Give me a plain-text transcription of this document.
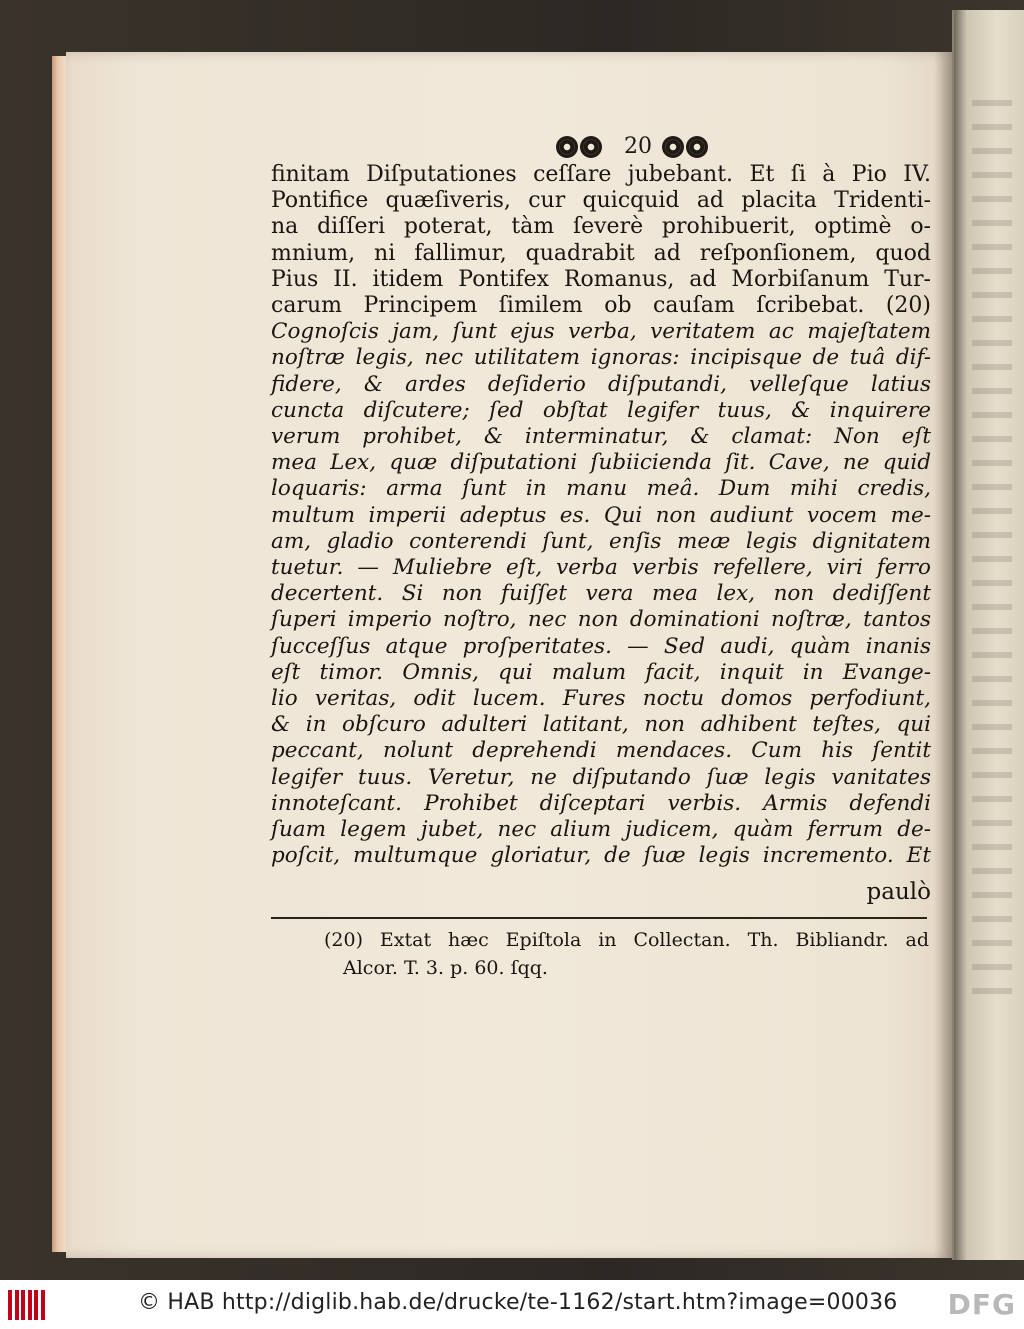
20
finitam Diſputationes ceſſare jubebant. Et ſi à Pio IV.
Pontifice quæſiveris, cur quicquid ad placita Tridenti-
na diſſeri poterat, tàm ſeverè prohibuerit, optimè o-
mnium, ni fallimur, quadrabit ad reſponſionem, quod
Pius II. itidem Pontifex Romanus, ad Morbiſanum Tur-
carum Principem ſimilem ob cauſam ſcribebat. (20)
Cognoſcis jam, ſunt ejus verba, veritatem ac majeſtatem
noſtræ legis, nec utilitatem ignoras: incipisque de tuâ dif-
fidere, & ardes deſiderio diſputandi, velleſque latius
cuncta diſcutere; ſed obſtat legifer tuus, & inquirere
verum prohibet, & interminatur, & clamat: Non eſt
mea Lex, quæ diſputationi ſubiicienda ſit. Cave, ne quid
loquaris: arma ſunt in manu meâ. Dum mihi credis,
multum imperii adeptus es. Qui non audiunt vocem me-
am, gladio conterendi ſunt, enſis meæ legis dignitatem
tuetur. — Muliebre eſt, verba verbis refellere, viri ferro
decertent. Si non fuiſſet vera mea lex, non dediſſent
ſuperi imperio noſtro, nec non dominationi noſtræ, tantos
ſucceſſus atque proſperitates. — Sed audi, quàm inanis
eſt timor. Omnis, qui malum facit, inquit in Evange-
lio veritas, odit lucem. Fures noctu domos perfodiunt,
& in obſcuro adulteri latitant, non adhibent teſtes, qui
peccant, nolunt deprehendi mendaces. Cum his ſentit
legifer tuus. Veretur, ne diſputando ſuæ legis vanitates
innoteſcant. Prohibet diſceptari verbis. Armis defendi
ſuam legem jubet, nec alium judicem, quàm ferrum de-
poſcit, multumque gloriatur, de ſuæ legis incremento. Et
paulò
(20) Extat hæc Epiſtola in Collectan. Th. Bibliandr. ad
Alcor. T. 3. p. 60. ſqq.
© HAB http://diglib.hab.de/drucke/te-1162/start.htm?image=00036 DFG
